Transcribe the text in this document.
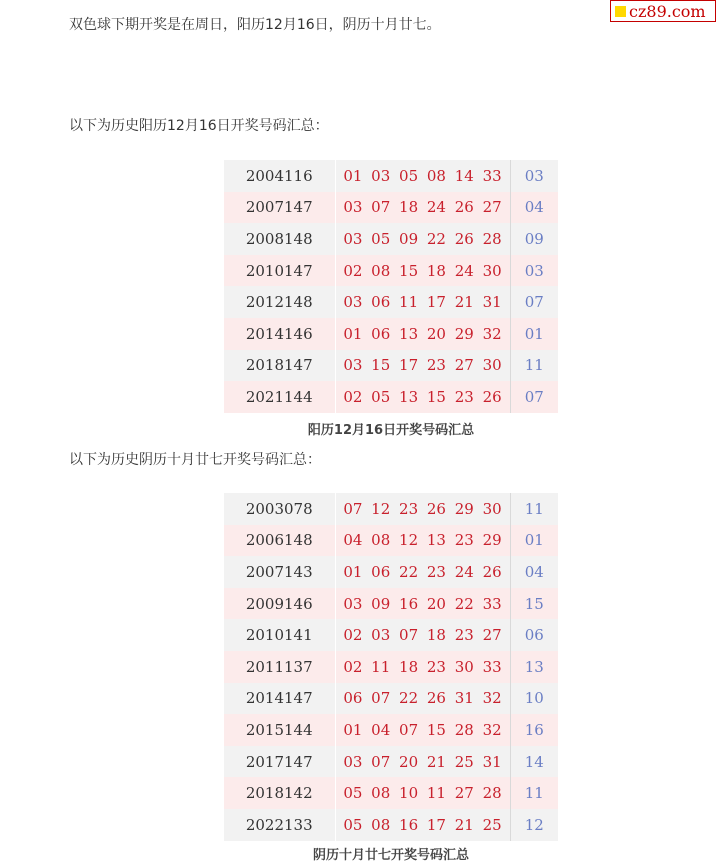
cz89.com
双色球下期开奖是在周日，阳历12月16日，阴历十月廿七。
以下为历史阳历12月16日开奖号码汇总：
2004116	01 03 05 08 14 33	03
2007147	03 07 18 24 26 27	04
2008148	03 05 09 22 26 28	09
2010147	02 08 15 18 24 30	03
2012148	03 06 11 17 21 31	07
2014146	01 06 13 20 29 32	01
2018147	03 15 17 23 27 30	11
2021144	02 05 13 15 23 26	07
阳历12月16日开奖号码汇总
以下为历史阴历十月廿七开奖号码汇总：
2003078	07 12 23 26 29 30	11
2006148	04 08 12 13 23 29	01
2007143	01 06 22 23 24 26	04
2009146	03 09 16 20 22 33	15
2010141	02 03 07 18 23 27	06
2011137	02 11 18 23 30 33	13
2014147	06 07 22 26 31 32	10
2015144	01 04 07 15 28 32	16
2017147	03 07 20 21 25 31	14
2018142	05 08 10 11 27 28	11
2022133	05 08 16 17 21 25	12
阴历十月廿七开奖号码汇总
